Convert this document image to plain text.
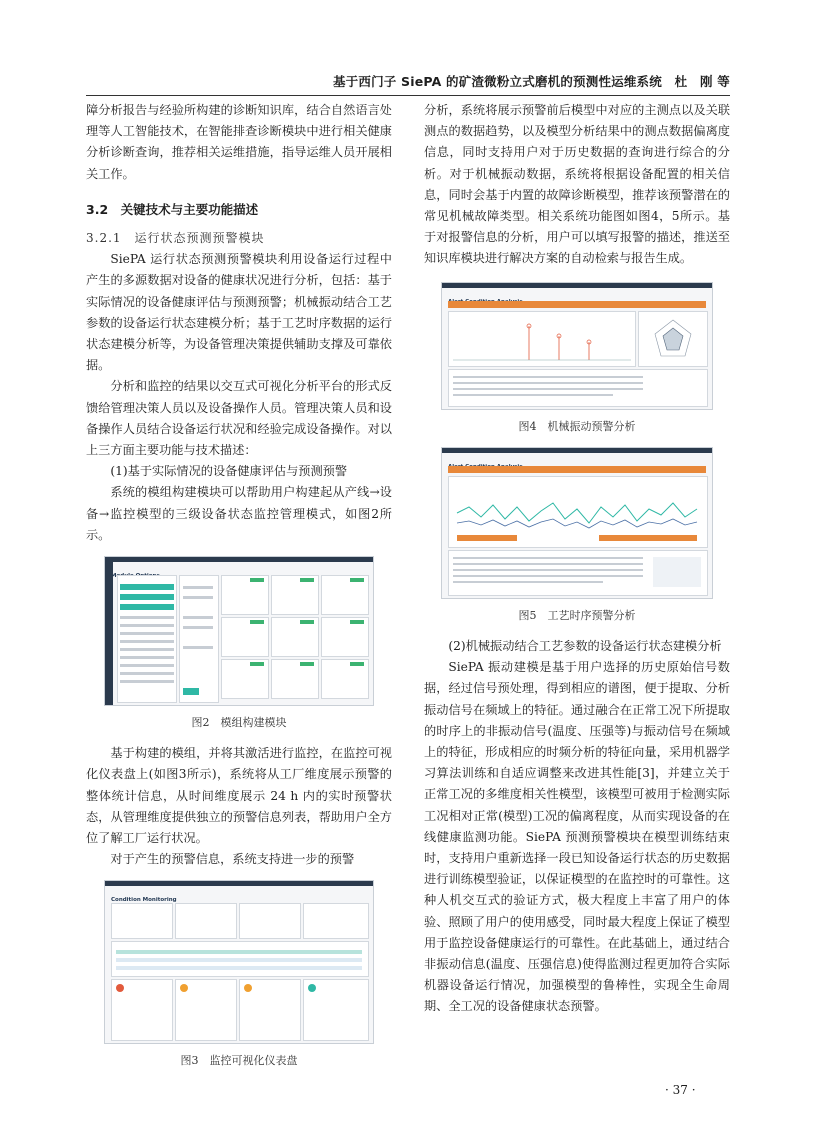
基于西门子 SiePA 的矿渣微粉立式磨机的预测性运维系统　杜　刚 等

障分析报告与经验所构建的诊断知识库，结合自然语言处理等人工智能技术，在智能排查诊断模块中进行相关健康分析诊断查询，推荐相关运维措施，指导运维人员开展相关工作。

3.2　关键技术与主要功能描述
3.2.1　运行状态预测预警模块

SiePA 运行状态预测预警模块利用设备运行过程中产生的多源数据对设备的健康状况进行分析，包括：基于实际情况的设备健康评估与预测预警；机械振动结合工艺参数的设备运行状态建模分析；基于工艺时序数据的运行状态建模分析等，为设备管理决策提供辅助支撑及可靠依据。

分析和监控的结果以交互式可视化分析平台的形式反馈给管理决策人员以及设备操作人员。管理决策人员和设备操作人员结合设备运行状况和经验完成设备操作。对以上三方面主要功能与技术描述：

(1)基于实际情况的设备健康评估与预测预警

系统的模组构建模块可以帮助用户构建起从产线→设备→监控模型的三级设备状态监控管理模式，如图2所示。

图2　模组构建模块

基于构建的模组，并将其激活进行监控，在监控可视化仪表盘上(如图3所示)，系统将从工厂维度展示预警的整体统计信息，从时间维度展示 24 h 内的实时预警状态，从管理维度提供独立的预警信息列表，帮助用户全方位了解工厂运行状况。

对于产生的预警信息，系统支持进一步的预警

Condition Monitoring
图3　监控可视化仪表盘

分析，系统将展示预警前后模型中对应的主测点以及关联测点的数据趋势，以及模型分析结果中的测点数据偏离度信息，同时支持用户对于历史数据的查询进行综合的分析。对于机械振动数据，系统将根据设备配置的相关信息，同时会基于内置的故障诊断模型，推荐该预警潜在的常见机械故障类型。相关系统功能图如图4，5所示。基于对报警信息的分析，用户可以填写报警的描述，推送至知识库模块进行解决方案的自动检索与报告生成。

图4　机械振动预警分析
图5　工艺时序预警分析

(2)机械振动结合工艺参数的设备运行状态建模分析

SiePA 振动建模是基于用户选择的历史原始信号数据，经过信号预处理，得到相应的谱图，便于提取、分析振动信号在频域上的特征。通过融合在正常工况下所提取的时序上的非振动信号(温度、压强等)与振动信号在频域上的特征，形成相应的时频分析的特征向量，采用机器学习算法训练和自适应调整来改进其性能[3]，并建立关于正常工况的多维度相关性模型，该模型可被用于检测实际工况相对正常(模型)工况的偏离程度，从而实现设备的在线健康监测功能。SiePA 预测预警模块在模型训练结束时，支持用户重新选择一段已知设备运行状态的历史数据进行训练模型验证，以保证模型的在监控时的可靠性。这种人机交互式的验证方式，极大程度上丰富了用户的体验、照顾了用户的使用感受，同时最大程度上保证了模型用于监控设备健康运行的可靠性。在此基础上，通过结合非振动信息(温度、压强信息)使得监测过程更加符合实际机器设备运行情况，加强模型的鲁棒性，实现全生命周期、全工况的设备健康状态预警。

· 37 ·
